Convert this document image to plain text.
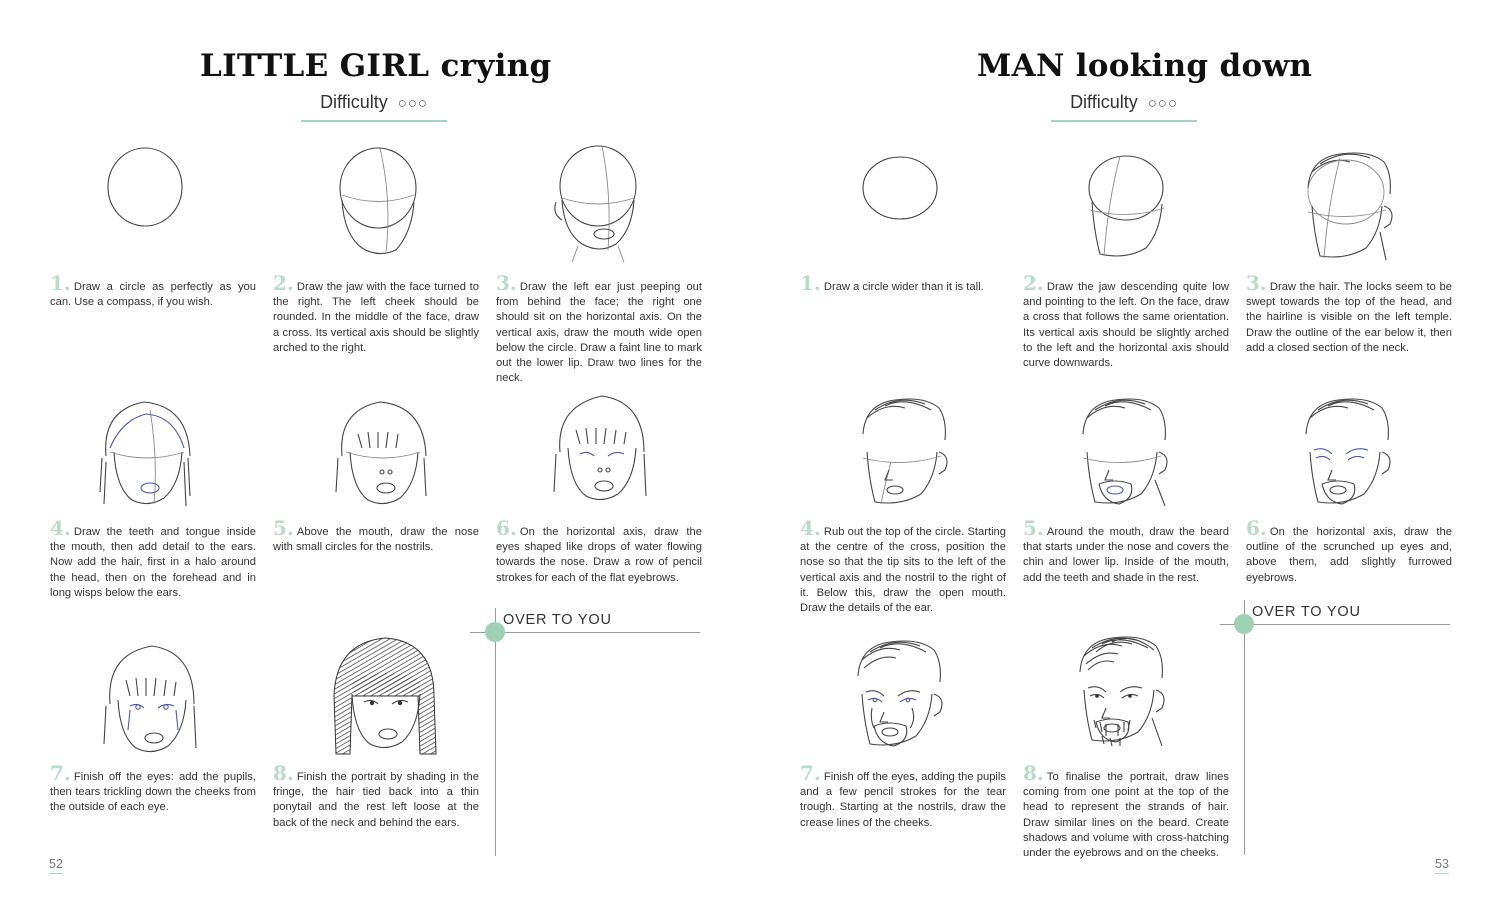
LITTLE GIRL crying
Difficulty ○○○
1. Draw a circle as perfectly as you can. Use a compass, if you wish.
2. Draw the jaw with the face turned to the right. The left cheek should be rounded. In the middle of the face, draw a cross. Its vertical axis should be slightly arched to the right.
3. Draw the left ear just peeping out from behind the face; the right one should sit on the horizontal axis. On the vertical axis, draw the mouth wide open below the circle. Draw a faint line to mark out the lower lip. Draw two lines for the neck.
4. Draw the teeth and tongue inside the mouth, then add detail to the ears. Now add the hair, first in a halo around the head, then on the forehead and in long wisps below the ears.
5. Above the mouth, draw the nose with small circles for the nostrils.
6. On the horizontal axis, draw the eyes shaped like drops of water flowing towards the nose. Draw a row of pencil strokes for each of the flat eyebrows.
OVER TO YOU
7. Finish off the eyes: add the pupils, then tears trickling down the cheeks from the outside of each eye.
8. Finish the portrait by shading in the fringe, the hair tied back into a thin ponytail and the rest left loose at the back of the neck and behind the ears.
52
MAN looking down
Difficulty ○○○
1. Draw a circle wider than it is tall.	2. Draw the jaw descending quite low and pointing to the left. On the face, draw a cross that follows the same orientation. Its vertical axis should be slightly arched to the left and the horizontal axis should curve downwards.
3. Draw the hair. The locks seem to be swept towards the top of the head, and the hairline is visible on the left temple. Draw the outline of the ear below it, then add a closed section of the neck.
4. Rub out the top of the circle. Starting at the centre of the cross, position the nose so that the tip sits to the left of the vertical axis and the nostril to the right of it. Below this, draw the open mouth. Draw the details of the ear.
5. Around the mouth, draw the beard that starts under the nose and covers the chin and lower lip. Inside of the mouth, add the teeth and shade in the rest.
6. On the horizontal axis, draw the outline of the scrunched up eyes and, above them, add slightly furrowed eyebrows.
OVER TO YOU
7. Finish off the eyes, adding the pupils and a few pencil strokes for the tear trough. Starting at the nostrils, draw the crease lines of the cheeks.
8. To finalise the portrait, draw lines coming from one point at the top of the head to represent the strands of hair. Draw similar lines on the beard. Create shadows and volume with cross-hatching under the eyebrows and on the cheeks.
53
